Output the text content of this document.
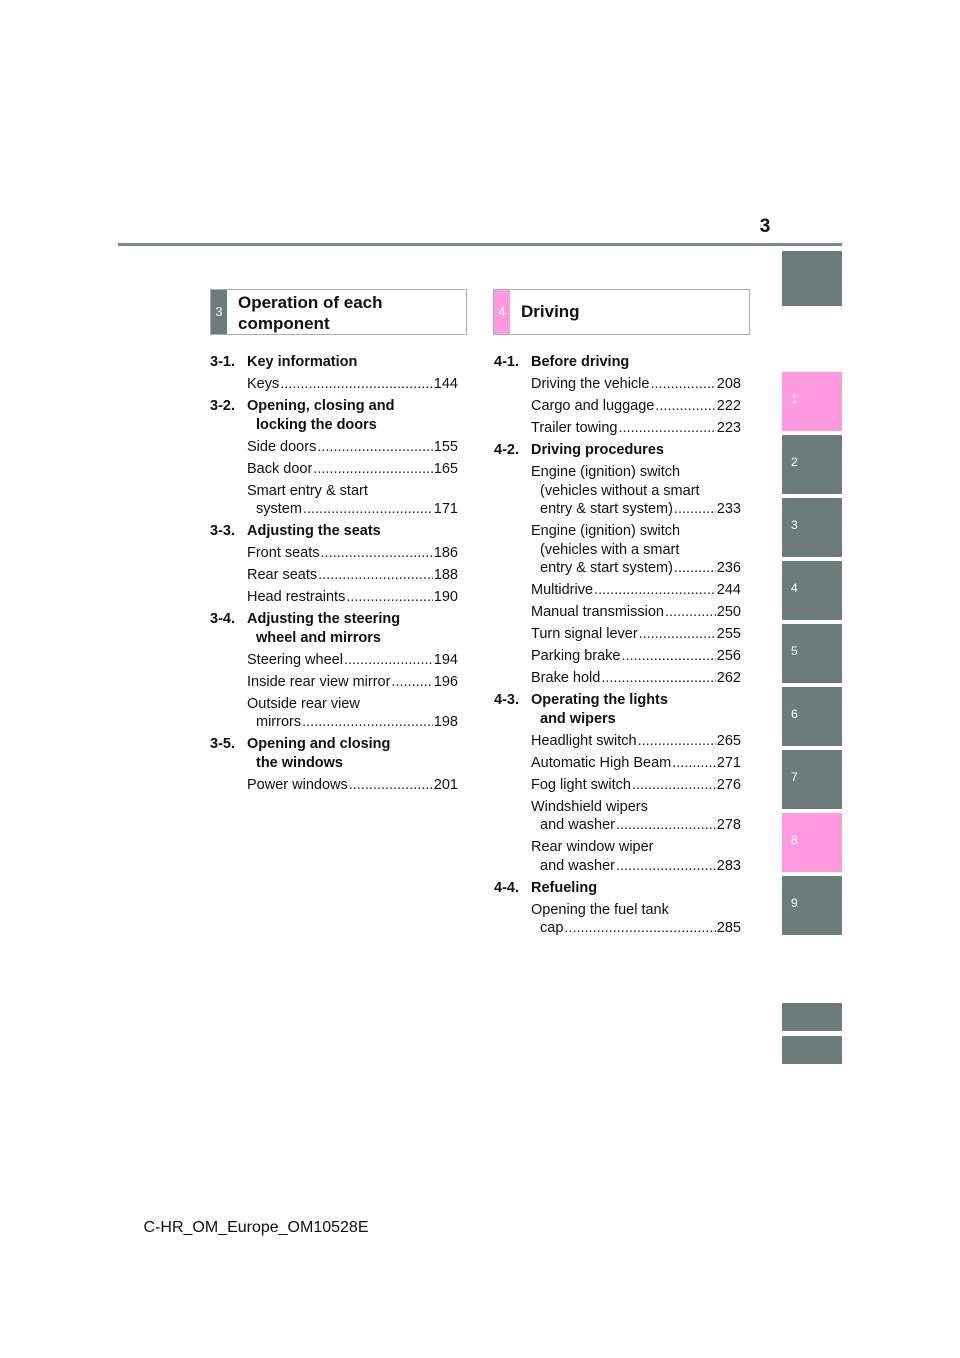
3
1
2
3
4
5
6
7
8
9
3 Operation of each
component
4 Driving
3-1. Key information
Keys .....	144
3-2. Opening, closing and
locking the doors
Side doors .....	155
Back door .....	165
Smart entry & start
system .....	171
3-3. Adjusting the seats
Front seats .....	186
Rear seats .....	188
Head restraints .....	190
3-4. Adjusting the steering
wheel and mirrors
Steering wheel .....	194
Inside rear view mirror .....	196
Outside rear view
mirrors .....	198
3-5. Opening and closing
the windows
Power windows .....	201
4-1. Before driving
Driving the vehicle .....	208
Cargo and luggage .....	222
Trailer towing .....	223
4-2. Driving procedures
Engine (ignition) switch
(vehicles without a smart
entry & start system) .....	233
Engine (ignition) switch
(vehicles with a smart
entry & start system) .....	236
Multidrive .....	244
Manual transmission .....	250
Turn signal lever .....	255
Parking brake .....	256
Brake hold .....	262
4-3. Operating the lights
and wipers
Headlight switch .....	265
Automatic High Beam .....	271
Fog light switch .....	276
Windshield wipers
and washer .....	278
Rear window wiper
and washer .....	283
4-4. Refueling
Opening the fuel tank
cap .....	285
C-HR_OM_Europe_OM10528E
